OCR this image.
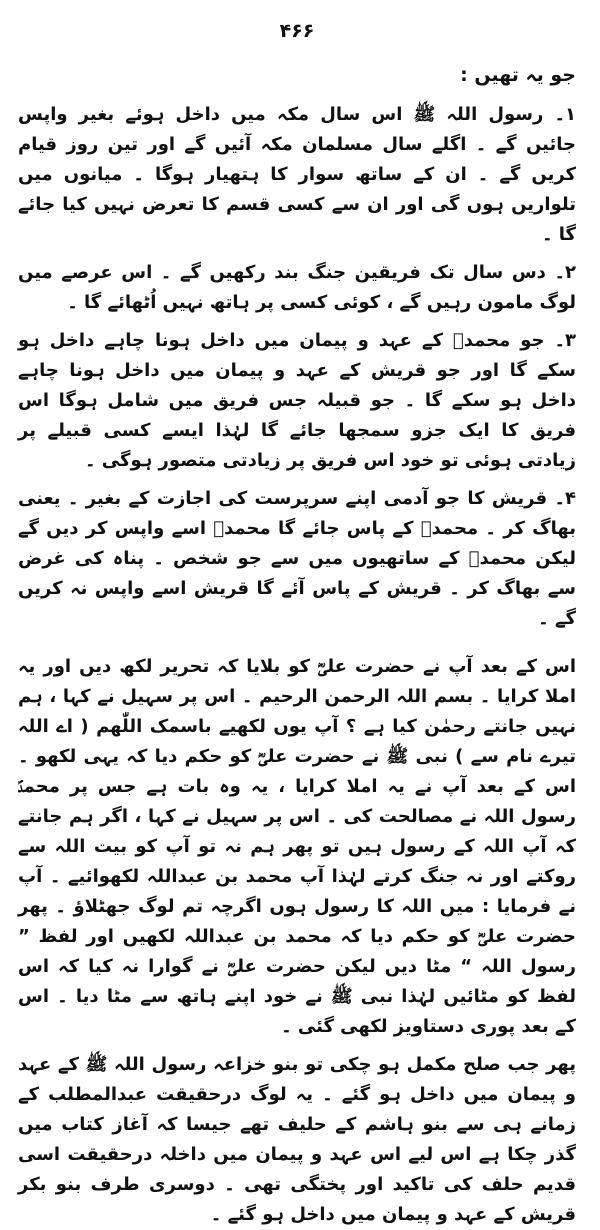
۴۶۶
جو یہ تھیں :

۱۔ رسول اللہ ﷺ اس سال مکہ میں داخل ہوئے بغیر واپس جائیں گے ۔ اگلے سال مسلمان مکہ آئیں گے اور تین روز قیام کریں گے ۔ ان کے ساتھ سوار کا ہتھیار ہوگا ۔ میانوں میں تلواریں ہوں گی اور ان سے کسی قسم کا تعرض نہیں کیا جائے گا ۔

۲۔ دس سال تک فریقین جنگ بند رکھیں گے ۔ اس عرصے میں لوگ مامون رہیں گے ، کوئی کسی پر ہاتھ نہیں اُٹھائے گا ۔

۳۔ جو محمدؐ کے عہد و پیمان میں داخل ہونا چاہے داخل ہو سکے گا اور جو قریش کے عہد و پیمان میں داخل ہونا چاہے داخل ہو سکے گا ۔ جو قبیلہ جس فریق میں شامل ہوگا اس فریق کا ایک جزو سمجھا جائے گا لہٰذا ایسے کسی قبیلے پر زیادتی ہوئی تو خود اس فریق پر زیادتی متصور ہوگی ۔

۴۔ قریش کا جو آدمی اپنے سرپرست کی اجازت کے بغیر ۔ یعنی بھاگ کر ۔ محمدؐ کے پاس جائے گا محمدؐ اسے واپس کر دیں گے لیکن محمدؐ کے ساتھیوں میں سے جو شخص ۔ پناہ کی غرض سے بھاگ کر ۔ قریش کے پاس آئے گا قریش اسے واپس نہ کریں گے ۔

اس کے بعد آپ نے حضرت علیؓ کو بلایا کہ تحریر لکھ دیں اور یہ املا کرایا ۔ بسم اللہ الرحمن الرحیم ۔ اس پر سہیل نے کہا ، ہم نہیں جانتے رحمٰن کیا ہے ؟ آپ یوں لکھیے باسمک اللّٰھم ( اے اللہ تیرے نام سے ) نبی ﷺ نے حضرت علیؓ کو حکم دیا کہ یہی لکھو ۔ اس کے بعد آپ نے یہ املا کرایا ، یہ وہ بات ہے جس پر محمدؐ رسول اللہ نے مصالحت کی ۔ اس پر سہیل نے کہا ، اگر ہم جانتے کہ آپ اللہ کے رسول ہیں تو پھر ہم نہ تو آپ کو بیت اللہ سے روکتے اور نہ جنگ کرتے لہٰذا آپ محمد بن عبداللہ لکھوائیے ۔ آپ نے فرمایا : میں اللہ کا رسول ہوں اگرچہ تم لوگ جھٹلاؤ ۔ پھر حضرت علیؓ کو حکم دیا کہ محمد بن عبداللہ لکھیں اور لفظ ” رسول اللہ “ مٹا دیں لیکن حضرت علیؓ نے گوارا نہ کیا کہ اس لفظ کو مٹائیں لہٰذا نبی ﷺ نے خود اپنے ہاتھ سے مٹا دیا ۔ اس کے بعد پوری دستاویز لکھی گئی ۔

پھر جب صلح مکمل ہو چکی تو بنو خزاعہ رسول اللہ ﷺ کے عہد و پیمان میں داخل ہو گئے ۔ یہ لوگ درحقیقت عبدالمطلب کے زمانے ہی سے بنو ہاشم کے حلیف تھے جیسا کہ آغاز کتاب میں گذر چکا ہے اس لیے اس عہد و پیمان میں داخلہ درحقیقت اسی قدیم حلف کی تاکید اور پختگی تھی ۔ دوسری طرف بنو بکر قریش کے عہد و پیمان میں داخل ہو گئے ۔
